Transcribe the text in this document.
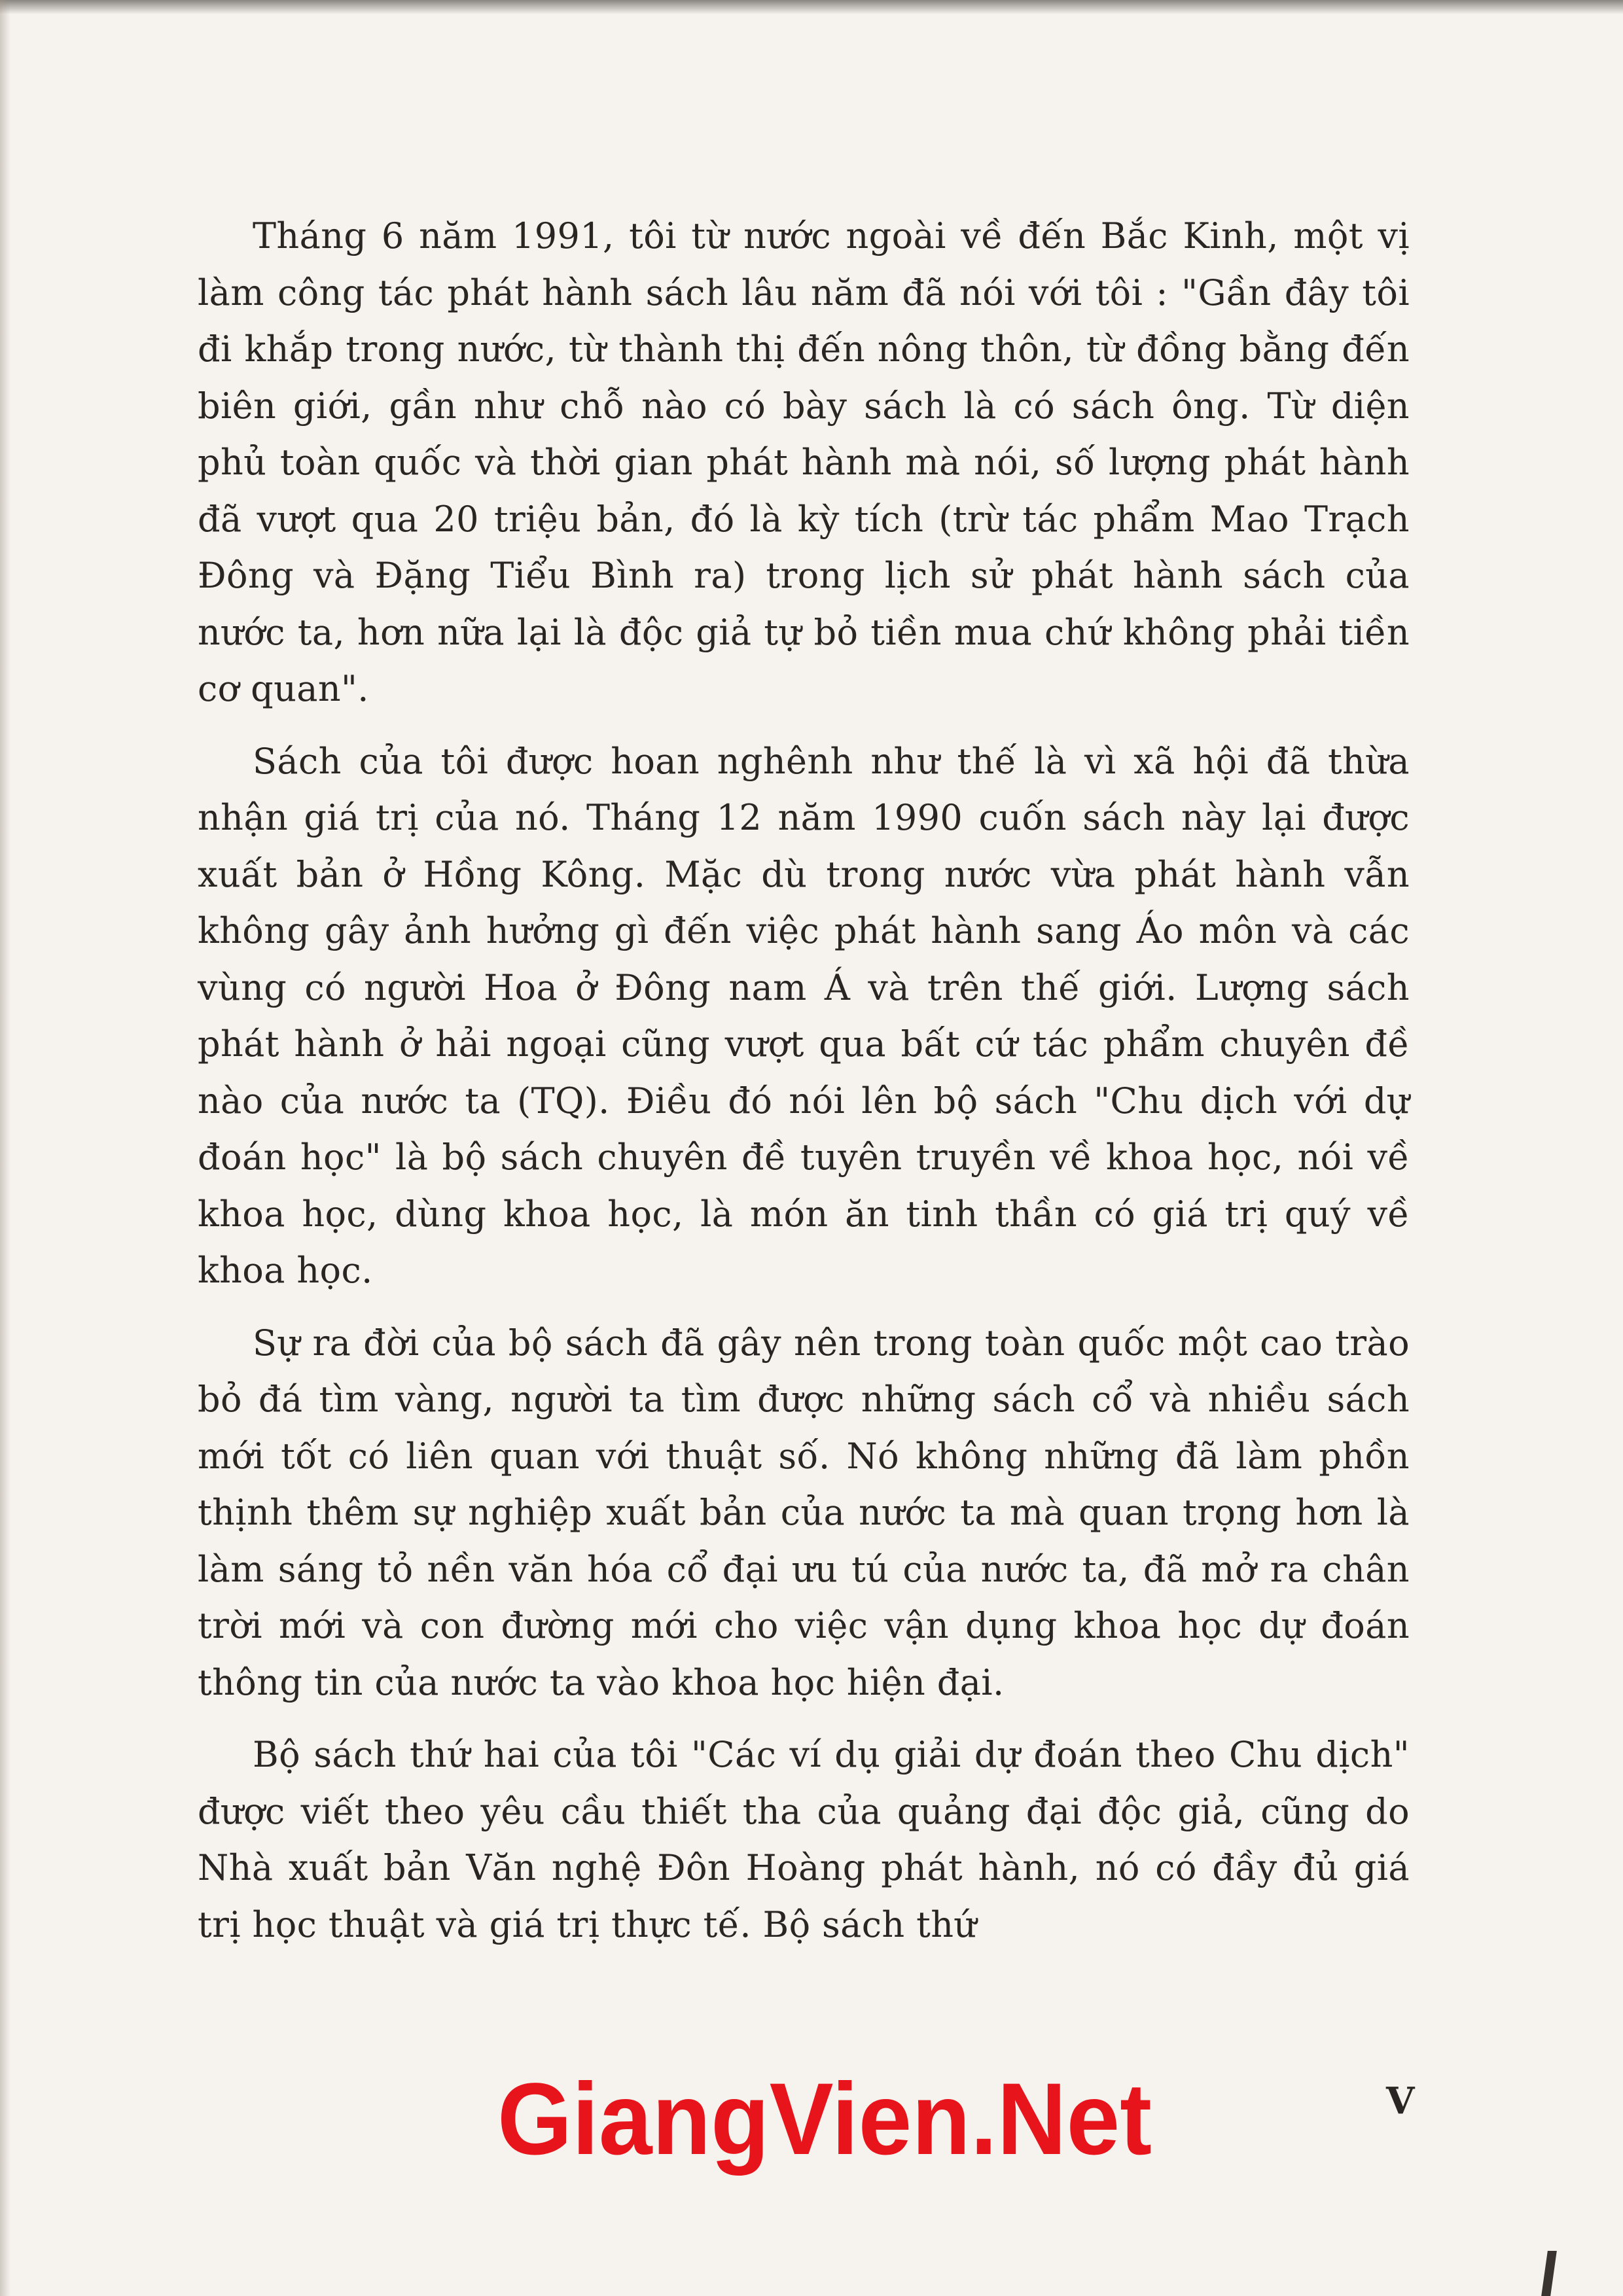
Tháng 6 năm 1991, tôi từ nước ngoài về đến Bắc Kinh, một vị làm công tác phát hành sách lâu năm đã nói với tôi : "Gần đây tôi đi khắp trong nước, từ thành thị đến nông thôn, từ đồng bằng đến biên giới, gần như chỗ nào có bày sách là có sách ông. Từ diện phủ toàn quốc và thời gian phát hành mà nói, số lượng phát hành đã vượt qua 20 triệu bản, đó là kỳ tích (trừ tác phẩm Mao Trạch Đông và Đặng Tiểu Bình ra) trong lịch sử phát hành sách của nước ta, hơn nữa lại là độc giả tự bỏ tiền mua chứ không phải tiền cơ quan".

Sách của tôi được hoan nghênh như thế là vì xã hội đã thừa nhận giá trị của nó. Tháng 12 năm 1990 cuốn sách này lại được xuất bản ở Hồng Kông. Mặc dù trong nước vừa phát hành vẫn không gây ảnh hưởng gì đến việc phát hành sang Áo môn và các vùng có người Hoa ở Đông nam Á và trên thế giới. Lượng sách phát hành ở hải ngoại cũng vượt qua bất cứ tác phẩm chuyên đề nào của nước ta (TQ). Điều đó nói lên bộ sách "Chu dịch với dự đoán học" là bộ sách chuyên đề tuyên truyền về khoa học, nói về khoa học, dùng khoa học, là món ăn tinh thần có giá trị quý về khoa học.

Sự ra đời của bộ sách đã gây nên trong toàn quốc một cao trào bỏ đá tìm vàng, người ta tìm được những sách cổ và nhiều sách mới tốt có liên quan với thuật số. Nó không những đã làm phồn thịnh thêm sự nghiệp xuất bản của nước ta mà quan trọng hơn là làm sáng tỏ nền văn hóa cổ đại ưu tú của nước ta, đã mở ra chân trời mới và con đường mới cho việc vận dụng khoa học dự đoán thông tin của nước ta vào khoa học hiện đại.

Bộ sách thứ hai của tôi "Các ví dụ giải dự đoán theo Chu dịch" được viết theo yêu cầu thiết tha của quảng đại độc giả, cũng do Nhà xuất bản Văn nghệ Đôn Hoàng phát hành, nó có đầy đủ giá trị học thuật và giá trị thực tế. Bộ sách thứ

V
GiangVien.Net
